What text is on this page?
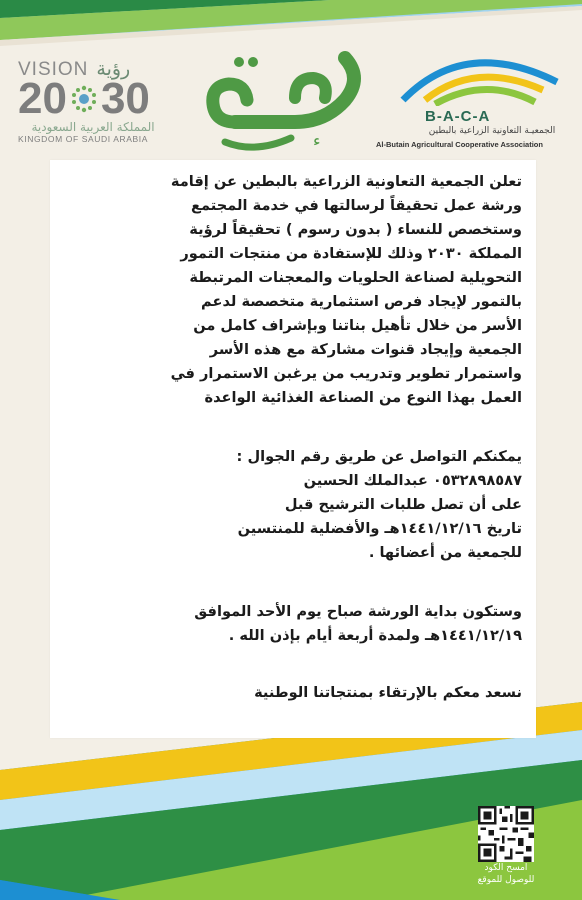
VISION رؤية
20 30
المملكة العربية السعودية
KINGDOM OF SAUDI ARABIA	ء
B-A-C-A
الجمعيـة التعاونية الزراعية بالبطين
Al-Butain Agricultural Cooperative Association
تعلن الجمعية التعاونية الزراعية بالبطين عن إقامة
ورشة عمل تحقيقاً لرسالتها في خدمة المجتمع
وستخصص للنساء ( بدون رسوم ) تحقيقاً لرؤية
المملكة ٢٠٣٠ وذلك للإستفادة من منتجات التمور
التحويلية لصناعة الحلويات والمعجنات المرتبطة
بالتمور لإيجاد فرص استثمارية متخصصة لدعم
الأسر من خلال تأهيل بناتنا وبإشراف كامل من
الجمعية وإيجاد قنوات مشاركة مع هذه الأسر
واستمرار تطوير وتدريب من يرغبن الاستمرار في
العمل بهذا النوع من الصناعة الغذائية الواعدة
يمكنكم التواصل عن طريق رقم الجوال :
٠٥٣٢٨٩٨٥٨٧ عبدالملك الحسين
على أن تصل طلبات الترشيح قبل
تاريخ ١٤٤١/١٢/١٦هـ والأفضلية للمنتسين
للجمعية من أعضائها .
وستكون بداية الورشة صباح يوم الأحد الموافق
١٤٤١/١٢/١٩هـ ولمدة أربعة أيام بإذن الله .
نسعد معكم بالإرتقاء بمنتجاتنا الوطنية
امسح الكود
للوصول للموقع
